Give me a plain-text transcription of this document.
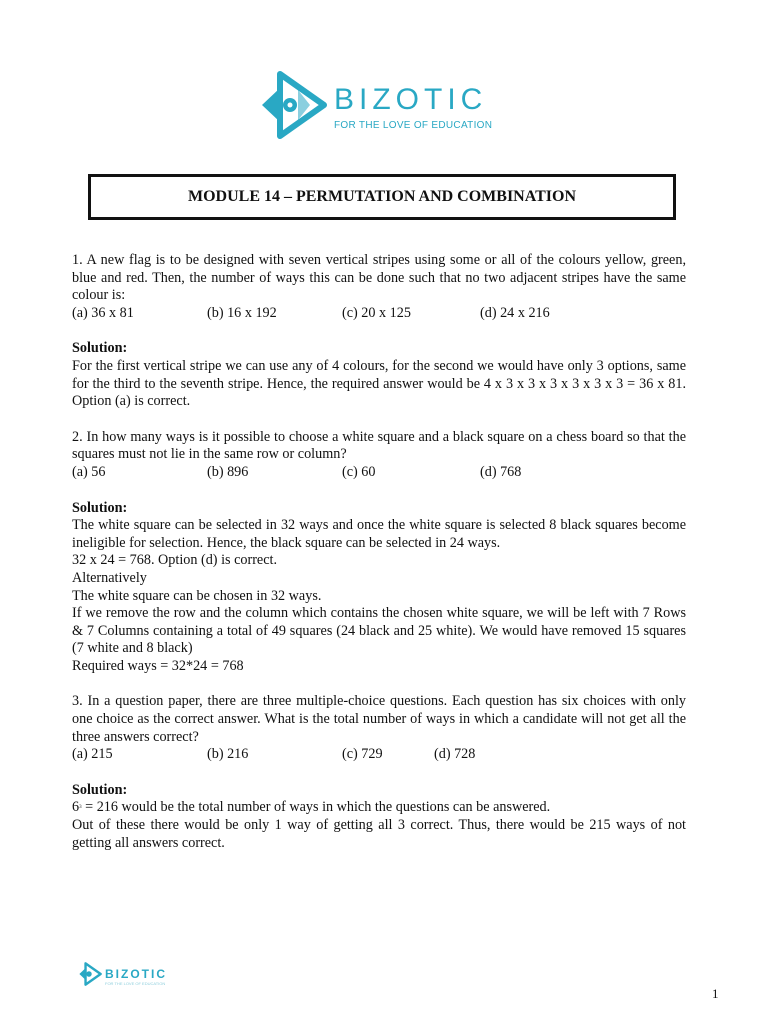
BIZOTIC
FOR THE LOVE OF EDUCATION
MODULE 14 – PERMUTATION AND COMBINATION

1. A new flag is to be designed with seven vertical stripes using some or all of the colours yellow, green, blue and red. Then, the number of ways this can be done such that no two adjacent stripes have the same colour is:

(a) 36 x 81	(b) 16 x 192	(c) 20 x 125	(d) 24 x 216

Solution:

For the first vertical stripe we can use any of 4 colours, for the second we would have only 3 options, same for the third to the seventh stripe. Hence, the required answer would be 4 x 3 x 3 x 3 x 3 x 3 x 3 = 36 x 81. Option (a) is correct.

2. In how many ways is it possible to choose a white square and a black square on a chess board so that the squares must not lie in the same row or column?

(a) 56	(b) 896	(c) 60	(d) 768

Solution:

The white square can be selected in 32 ways and once the white square is selected 8 black squares become ineligible for selection. Hence, the black square can be selected in 24 ways.

32 x 24 = 768. Option (d) is correct.

Alternatively

The white square can be chosen in 32 ways.

If we remove the row and the column which contains the chosen white square, we will be left with 7 Rows & 7 Columns containing a total of 49 squares (24 black and 25 white). We would have removed 15 squares (7 white and 8 black)

Required ways = 32*24 = 768

3. In a question paper, there are three multiple-choice questions. Each question has six choices with only one choice as the correct answer. What is the total number of ways in which a candidate will not get all the three answers correct?

(a) 215	(b) 216	(c) 729	(d) 728

Solution:

$6^3 = 216$ would be the total number of ways in which the questions can be answered.

Out of these there would be only 1 way of getting all 3 correct. Thus, there would be 215 ways of not getting all answers correct.

BIZOTIC
FOR THE LOVE OF EDUCATION
1
